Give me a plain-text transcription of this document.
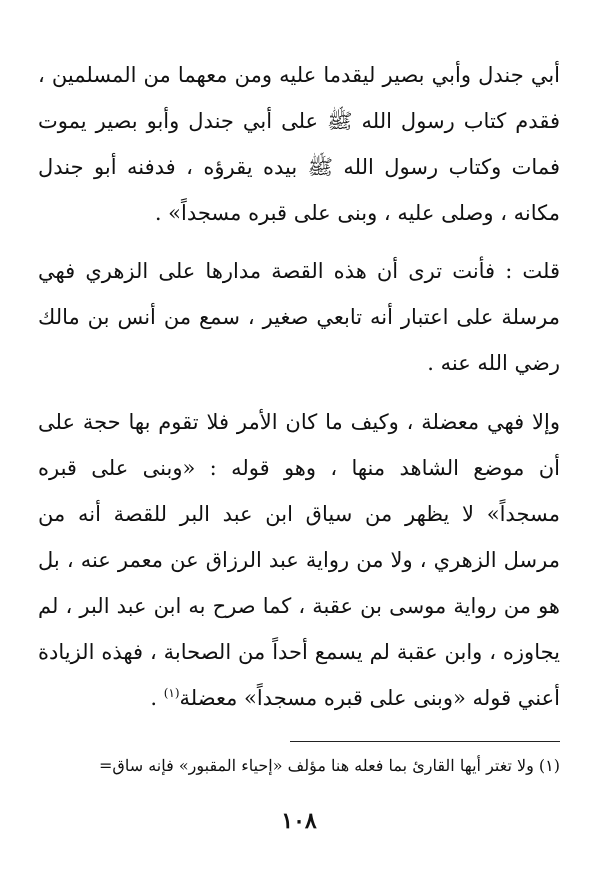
أبي جندل وأبي بصير ليقدما عليه ومن معهما من المسلمين ، فقدم كتاب رسول الله ﷺ على أبي جندل وأبو بصير يموت فمات وكتاب رسول الله ﷺ بيده يقرؤه ، فدفنه أبو جندل مكانه ، وصلى عليه ، وبنى على قبره مسجداً» .

قلت : فأنت ترى أن هذه القصة مدارها على الزهري فهي مرسلة على اعتبار أنه تابعي صغير ، سمع من أنس بن مالك رضي الله عنه .

وإلا فهي معضلة ، وكيف ما كان الأمر فلا تقوم بها حجة على أن موضع الشاهد منها ، وهو قوله : «وبنى على قبره مسجداً» لا يظهر من سياق ابن عبد البر للقصة أنه من مرسل الزهري ، ولا من رواية عبد الرزاق عن معمر عنه ، بل هو من رواية موسى بن عقبة ، كما صرح به ابن عبد البر ، لم يجاوزه ، وابن عقبة لم يسمع أحداً من الصحابة ، فهذه الزيادة أعني قوله «وبنى على قبره مسجداً» معضلة$^{(١)}$ .

(١) ولا تغتر أيها القارئ بما فعله هنا مؤلف «إحياء المقبور» فإنه ساق=

١٠٨
